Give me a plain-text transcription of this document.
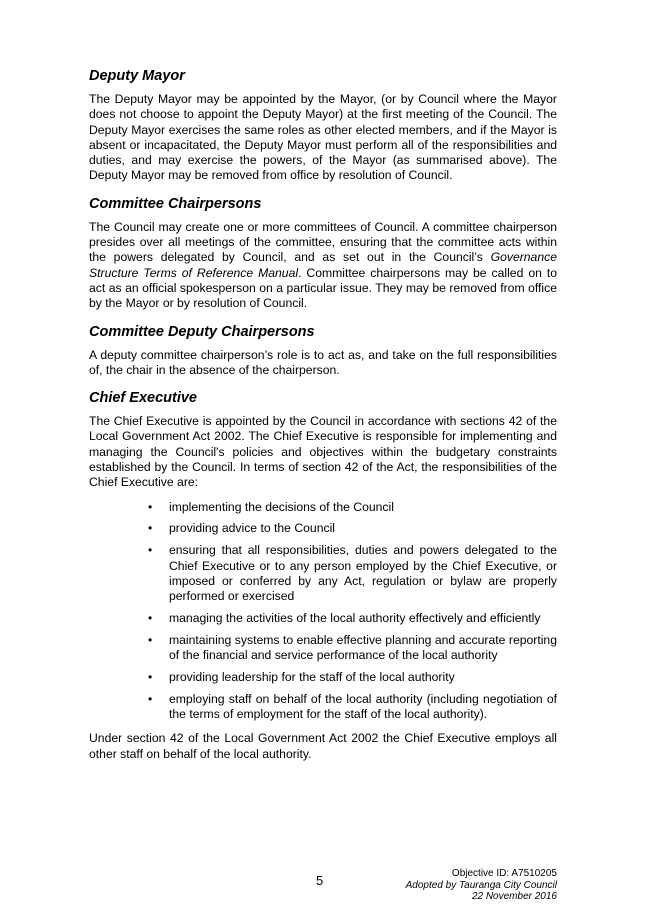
Deputy Mayor

The Deputy Mayor may be appointed by the Mayor, (or by Council where the Mayor does not choose to appoint the Deputy Mayor) at the first meeting of the Council. The Deputy Mayor exercises the same roles as other elected members, and if the Mayor is absent or incapacitated, the Deputy Mayor must perform all of the responsibilities and duties, and may exercise the powers, of the Mayor (as summarised above). The Deputy Mayor may be removed from office by resolution of Council.

Committee Chairpersons

The Council may create one or more committees of Council. A committee chairperson presides over all meetings of the committee, ensuring that the committee acts within the powers delegated by Council, and as set out in the Council’s Governance Structure Terms of Reference Manual. Committee chairpersons may be called on to act as an official spokesperson on a particular issue. They may be removed from office by the Mayor or by resolution of Council.

Committee Deputy Chairpersons

A deputy committee chairperson’s role is to act as, and take on the full responsibilities of, the chair in the absence of the chairperson.

Chief Executive

The Chief Executive is appointed by the Council in accordance with sections 42 of the Local Government Act 2002. The Chief Executive is responsible for implementing and managing the Council's policies and objectives within the budgetary constraints established by the Council. In terms of section 42 of the Act, the responsibilities of the Chief Executive are:

• implementing the decisions of the Council
• providing advice to the Council
• ensuring that all responsibilities, duties and powers delegated to the Chief Executive or to any person employed by the Chief Executive, or imposed or conferred by any Act, regulation or bylaw are properly performed or exercised
• managing the activities of the local authority effectively and efficiently
• maintaining systems to enable effective planning and accurate reporting of the financial and service performance of the local authority
• providing leadership for the staff of the local authority
• employing staff on behalf of the local authority (including negotiation of the terms of employment for the staff of the local authority).

Under section 42 of the Local Government Act 2002 the Chief Executive employs all other staff on behalf of the local authority.

5	Objective ID: A7510205
Adopted by Tauranga City Council
22 November 2016
